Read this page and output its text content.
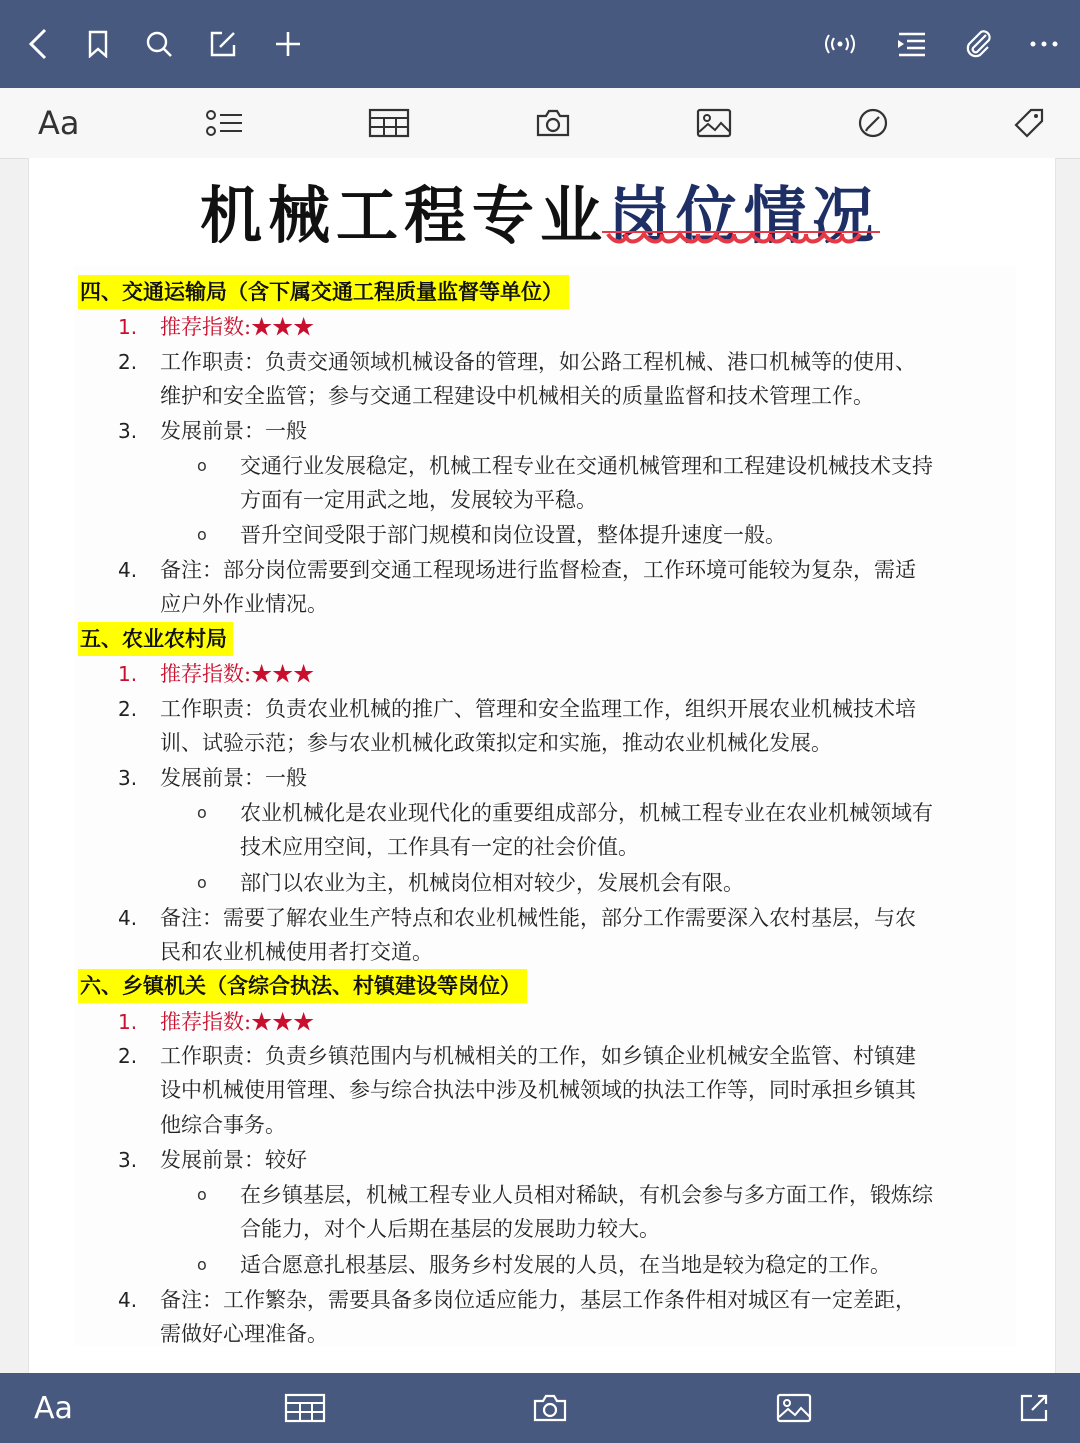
Aa
机械工程专业岗位情况
四、交通运输局（含下属交通工程质量监督等单位）
1.	推荐指数:★★★
2.	工作职责：负责交通领域机械设备的管理，如公路工程机械、港口机械等的使用、
维护和安全监管；参与交通工程建设中机械相关的质量监督和技术管理工作。
3.	发展前景：一般
o	交通行业发展稳定，机械工程专业在交通机械管理和工程建设机械技术支持
方面有一定用武之地，发展较为平稳。
o	晋升空间受限于部门规模和岗位设置，整体提升速度一般。
4.	备注：部分岗位需要到交通工程现场进行监督检查，工作环境可能较为复杂，需适
应户外作业情况。
五、农业农村局
1.	推荐指数:★★★
2.	工作职责：负责农业机械的推广、管理和安全监理工作，组织开展农业机械技术培
训、试验示范；参与农业机械化政策拟定和实施，推动农业机械化发展。
3.	发展前景：一般
o	农业机械化是农业现代化的重要组成部分，机械工程专业在农业机械领域有
技术应用空间，工作具有一定的社会价值。
o	部门以农业为主，机械岗位相对较少，发展机会有限。
4.	备注：需要了解农业生产特点和农业机械性能，部分工作需要深入农村基层，与农
民和农业机械使用者打交道。
六、乡镇机关（含综合执法、村镇建设等岗位）
1.	推荐指数:★★★
2.	工作职责：负责乡镇范围内与机械相关的工作，如乡镇企业机械安全监管、村镇建
设中机械使用管理、参与综合执法中涉及机械领域的执法工作等，同时承担乡镇其
他综合事务。
3.	发展前景：较好
o	在乡镇基层，机械工程专业人员相对稀缺，有机会参与多方面工作，锻炼综
合能力，对个人后期在基层的发展助力较大。
o	适合愿意扎根基层、服务乡村发展的人员，在当地是较为稳定的工作。
4.	备注：工作繁杂，需要具备多岗位适应能力，基层工作条件相对城区有一定差距，
需做好心理准备。
Aa
